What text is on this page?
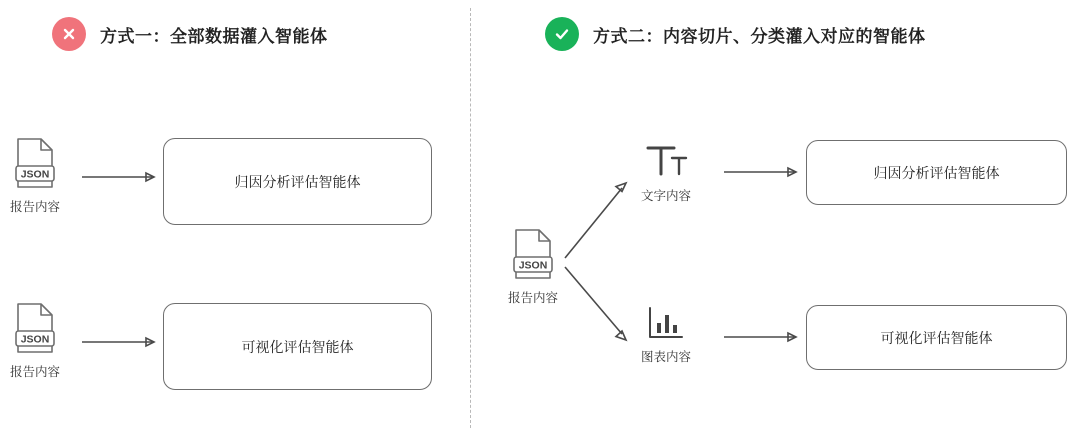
方式一：全部数据灌入智能体
JSON
报告内容
归因分析评估智能体
JSON
报告内容
可视化评估智能体
方式二：内容切片、分类灌入对应的智能体
JSON
报告内容
文字内容
归因分析评估智能体
图表内容
可视化评估智能体
